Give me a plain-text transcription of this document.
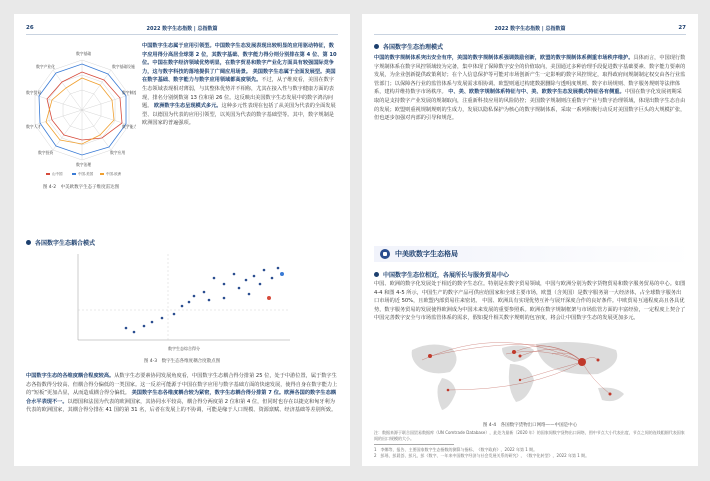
26	2022 数字生态指数 | 总指数篇
数字基础
数字基础设施
数字制度
数字能力
数字应用
数字治理
数字投资
数字人才
数字贸易
数字产业化
山中国	中国-美国	中国-欧洲
图 4-2　中美欧数字生态子维度雷达图
中国数字生态属于应用引领型。中国数字生态发展表现出较明显的应用驱动特征，数字应用得分高居全球第 2 位，其数字基础、数字能力得分则分别排在第 4 位、第 10 位。中国在数字经济领域优势明显，在数字贸易和数字产业化方面具有较强国际竞争力，这与数字科技的落地提供了广阔应用场景。 美国数字生态属于全面发展型。美国在数字基础、数字能力与数字应用领域都高度领先。不过，从子维度看，美国在数字生态领域表现相对薄弱，与其整体优势并不相称，尤其在接入性与数字健康方面的表现，排名分别倒数第 13 位和第 26 位。这反映出美国数字生态发展中的数字鸿沟问题。 欧洲数字生态呈现模式多元。这种多元性表现在包括了从美国为代表的全面发展型、以德国为代表的应用引领型，以英国为代表的数字基础型等。其中，数字规制是欧洲国家的普遍强项。
各国数字生态耦合模式
数字生态综合得分
图 4-3　数字生态各维度耦合度散点图
中国数字生态的各维度耦合程度较高。从数字生态要素协同发展角度看，中国数字生态耦合得分排第 25 位，处于中游位置，属于数字生态各指数得分较高、但耦合得分偏低的一类国家。这一反差可能源于中国在数字应用与数字基础方面的快速发展，使得自身在数字能力上的“短板”更加凸显，从而造成耦合得分偏低。 美国数字生态各维度耦合较为紧密，数字生态耦合得分排第 7 位。欧洲各国的数字生态耦合水平表现不一。以德国和法国为代表的欧洲国家，其协同水平较高，耦合得分两度第 2 位和第 4 位，但同时也存在以捷克和匈牙利为代表的欧洲国家，其耦合得分排在 41 国的第 31 名，后者在发展上的不协调，可能是缘于人口规模、资源禀赋、经济基础等差别所致。
2022 数字生态指数 | 总指数篇	27
各国数字生态治理模式
中国的数字规制体系突出安全有序，美国的数字规制体系强调鼓励创新，欧盟的数字规制体系侧重市场秩序维护。具体而言，中国现行数字规制体系在数字风控领域较为完备，集中体现了保障数字安全的价值取向，美国通过多种治理手段促进数字基础要素、数字能力要素的发展，为企业创新提供政策利好；在个人信息保护等可能对市场创新产生一定影响的数字风控规定，取得政府间规制制定权交由各行业监管部门；以保障各行业的监管体系与发展需求相协调。欧盟则通过构建数据删除与透明度规则、数字市场规则、数字服务规则等法律体系，建构并维持数字市场秩序。 中、美、欧数字规制体系特征与中、美、欧数字生态发展模式特征各有侧重。中国在数字化发展初期采取的是支持数字产业发展的规制取向，注重新科技应用的风险防控；美国数字规制则注重数字产业与数字治理领域，体现出数字生态自由的发展；欧盟则重视规制规则的生成力，发展以隐私保护为核心的数字规制体系，采取一系列积极行动反对美国数字巨头的大规模扩张，但也逐步加强对内部的引导和规范。
中美欧数字生态格局
中国数字生态位相近，各展所长与服务贸易中心
中国、欧洲的数字化发展处于相近的数字生态位。特别是在数字贸易领域，中国与欧洲分别为数字货物贸易和数字服务贸易的中心。如图 4-4 和图 4-5 所示，中国生产的数字产品可供应给国家和全球主要市场，欧盟（含英国）是数字服务第一大经济体，占全球数字服务出口市场的近 50%，且欧盟内部贸易往来密切。 中国、欧洲具有实现优势互补与展开深度合作的良好条件。中欧贸易互通程度高且各具优势，数字服务贸易的发展使得欧洲成为中国未来发展的重要参照系。欧洲在数字规制框架与市场监管方面的丰富经验，一定程度上契合了中国完善数字安全与市场监管体系的需求，假如提升相关数字规则的包容度，将会让中国数字生态的发展更加多元。
图 4-4　各国数字货物出口网络——中国是中心
注：数据来源于联合国贸易数据库（UN Comtrade Database），此处为最新（2020 年）的国家间数字货物出口网络，图中节点大小代表出度，节点之间的连线粗细代表国家间的出口规模的大小。
1　李娜等，报告、主要国家数字生态指数的测算与指标、《数字政府》，2022 年第 1 期。
2　彭瑶、彭晨荟、彭凡，彭《数字、一年来中国数字经济与社会发展关系的研究》，《数字化转型》，2022 年第 1 期。
